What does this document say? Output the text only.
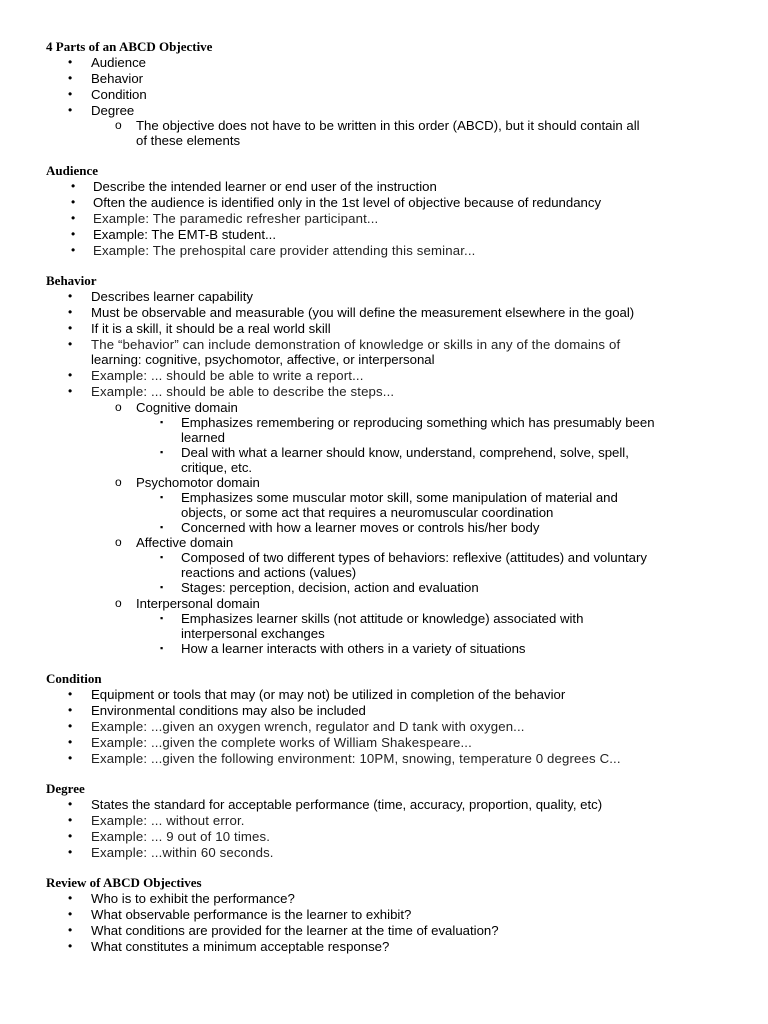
4 Parts of an ABCD Objective
• Audience
• Behavior
• Condition
• Degree
o The objective does not have to be written in this order (ABCD), but it should contain all
of these elements
Audience
• Describe the intended learner or end user of the instruction
• Often the audience is identified only in the 1st level of objective because of redundancy
• Example: The paramedic refresher participant...
• Example: The EMT-B student...
• Example: The prehospital care provider attending this seminar...
Behavior
• Describes learner capability
• Must be observable and measurable (you will define the measurement elsewhere in the goal)
• If it is a skill, it should be a real world skill
• The “behavior” can include demonstration of knowledge or skills in any of the domains of
learning: cognitive, psychomotor, affective, or interpersonal
• Example: ... should be able to write a report...
• Example: ... should be able to describe the steps...
o Cognitive domain
▪ Emphasizes remembering or reproducing something which has presumably been
learned
▪ Deal with what a learner should know, understand, comprehend, solve, spell,
critique, etc.
o Psychomotor domain
▪ Emphasizes some muscular motor skill, some manipulation of material and
objects, or some act that requires a neuromuscular coordination
▪ Concerned with how a learner moves or controls his/her body
o Affective domain
▪ Composed of two different types of behaviors: reflexive (attitudes) and voluntary
reactions and actions (values)
▪ Stages: perception, decision, action and evaluation
o Interpersonal domain
▪ Emphasizes learner skills (not attitude or knowledge) associated with
interpersonal exchanges
▪ How a learner interacts with others in a variety of situations
Condition
• Equipment or tools that may (or may not) be utilized in completion of the behavior
• Environmental conditions may also be included
• Example: ...given an oxygen wrench, regulator and D tank with oxygen...
• Example: ...given the complete works of William Shakespeare...
• Example: ...given the following environment: 10PM, snowing, temperature 0 degrees C...
Degree
• States the standard for acceptable performance (time, accuracy, proportion, quality, etc)
• Example: ... without error.
• Example: ... 9 out of 10 times.
• Example: ...within 60 seconds.
Review of ABCD Objectives
• Who is to exhibit the performance?
• What observable performance is the learner to exhibit?
• What conditions are provided for the learner at the time of evaluation?
• What constitutes a minimum acceptable response?
